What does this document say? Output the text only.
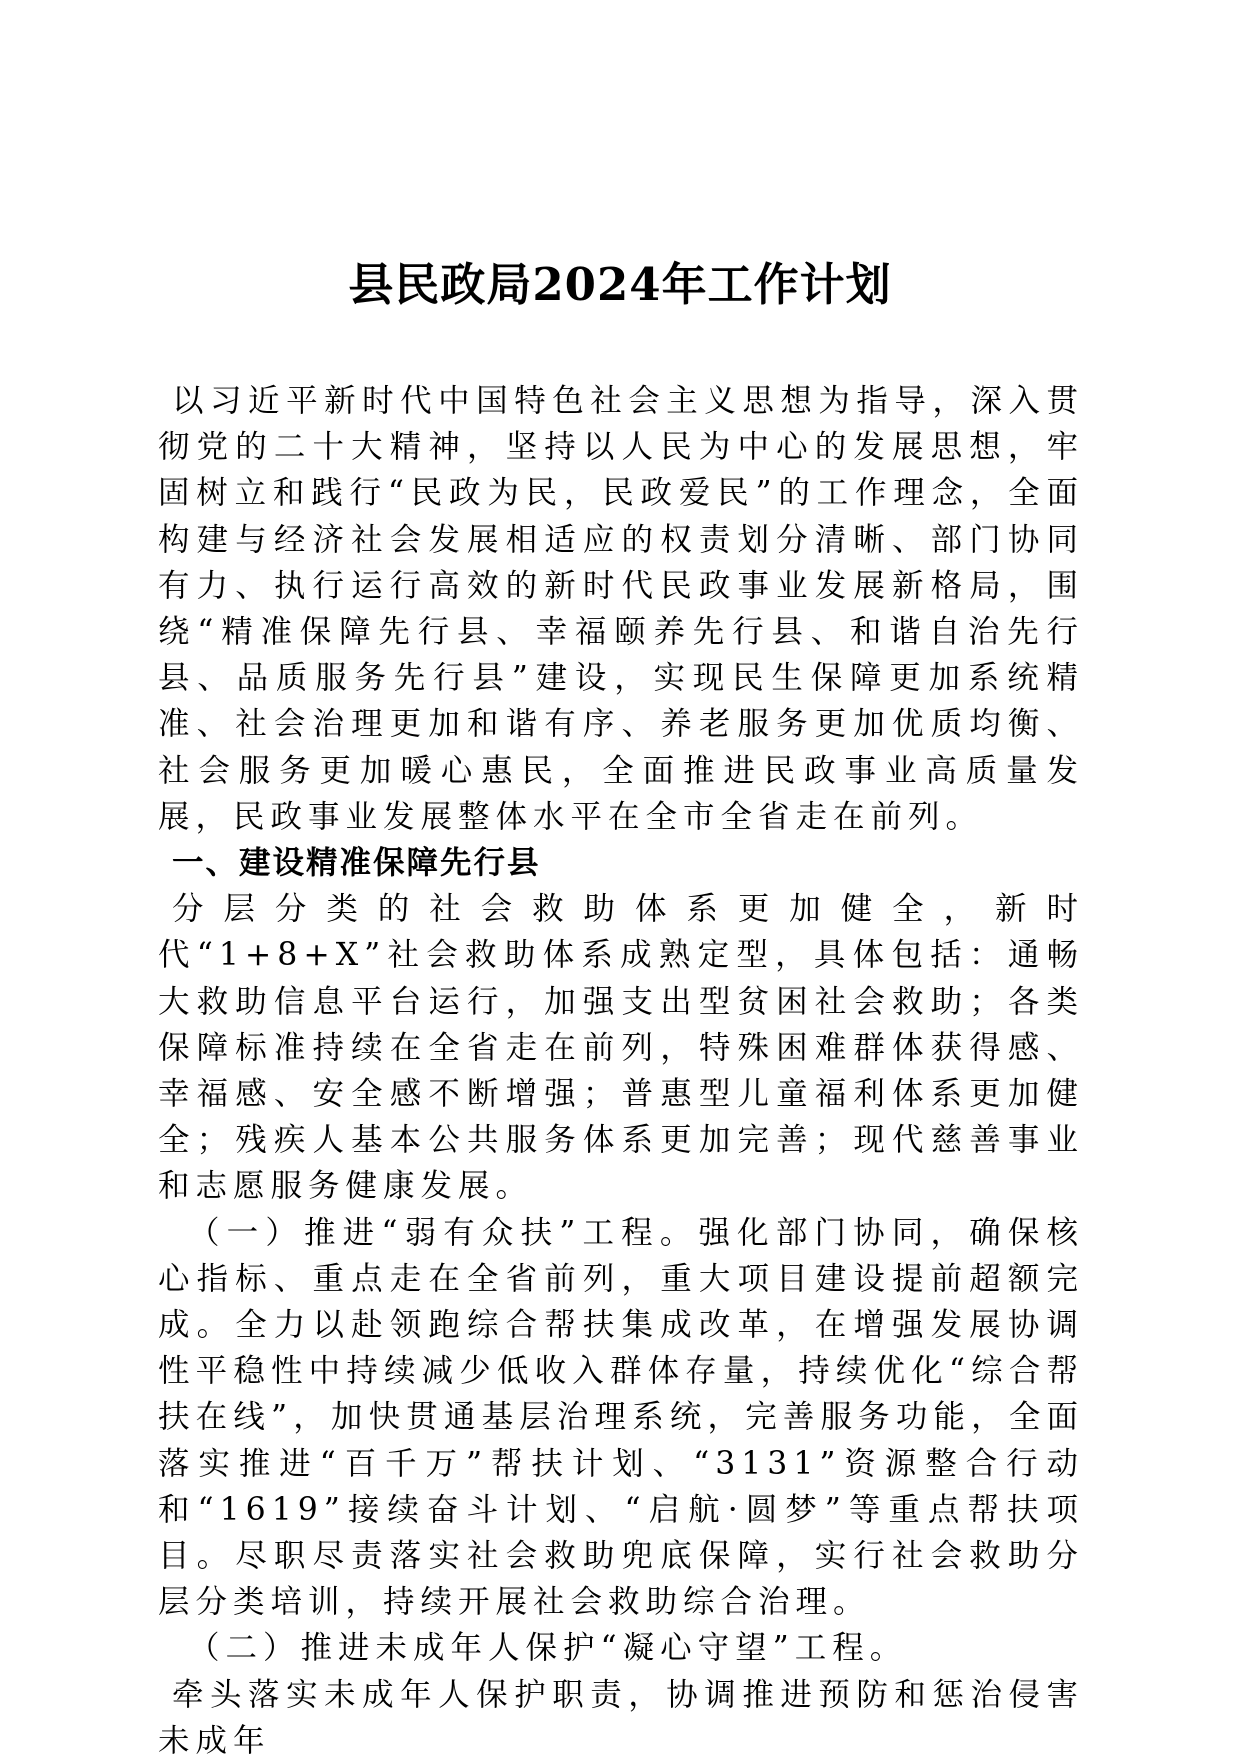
县民政局2024年工作计划

以习近平新时代中国特色社会主义思想为指导，深入贯彻党的二十大精神，坚持以人民为中心的发展思想，牢固树立和践行“民政为民，民政爱民”的工作理念，全面构建与经济社会发展相适应的权责划分清晰、部门协同有力、执行运行高效的新时代民政事业发展新格局，围绕“精准保障先行县、幸福颐养先行县、和谐自治先行县、品质服务先行县”建设，实现民生保障更加系统精准、社会治理更加和谐有序、养老服务更加优质均衡、社会服务更加暖心惠民，全面推进民政事业高质量发展，民政事业发展整体水平在全市全省走在前列。

一、建设精准保障先行县

分层分类的社会救助体系更加健全，新时代“1+8+X”社会救助体系成熟定型，具体包括：通畅大救助信息平台运行，加强支出型贫困社会救助；各类保障标准持续在全省走在前列，特殊困难群体获得感、幸福感、安全感不断增强；普惠型儿童福利体系更加健全；残疾人基本公共服务体系更加完善；现代慈善事业和志愿服务健康发展。

（一）推进“弱有众扶”工程。强化部门协同，确保核心指标、重点走在全省前列，重大项目建设提前超额完成。全力以赴领跑综合帮扶集成改革，在增强发展协调性平稳性中持续减少低收入群体存量，持续优化“综合帮扶在线”，加快贯通基层治理系统，完善服务功能，全面落实推进“百千万”帮扶计划、“3131”资源整合行动和“1619”接续奋斗计划、“启航·圆梦”等重点帮扶项目。尽职尽责落实社会救助兜底保障，实行社会救助分层分类培训，持续开展社会救助综合治理。

（二）推进未成年人保护“凝心守望”工程。

牵头落实未成年人保护职责，协调推进预防和惩治侵害未成年
